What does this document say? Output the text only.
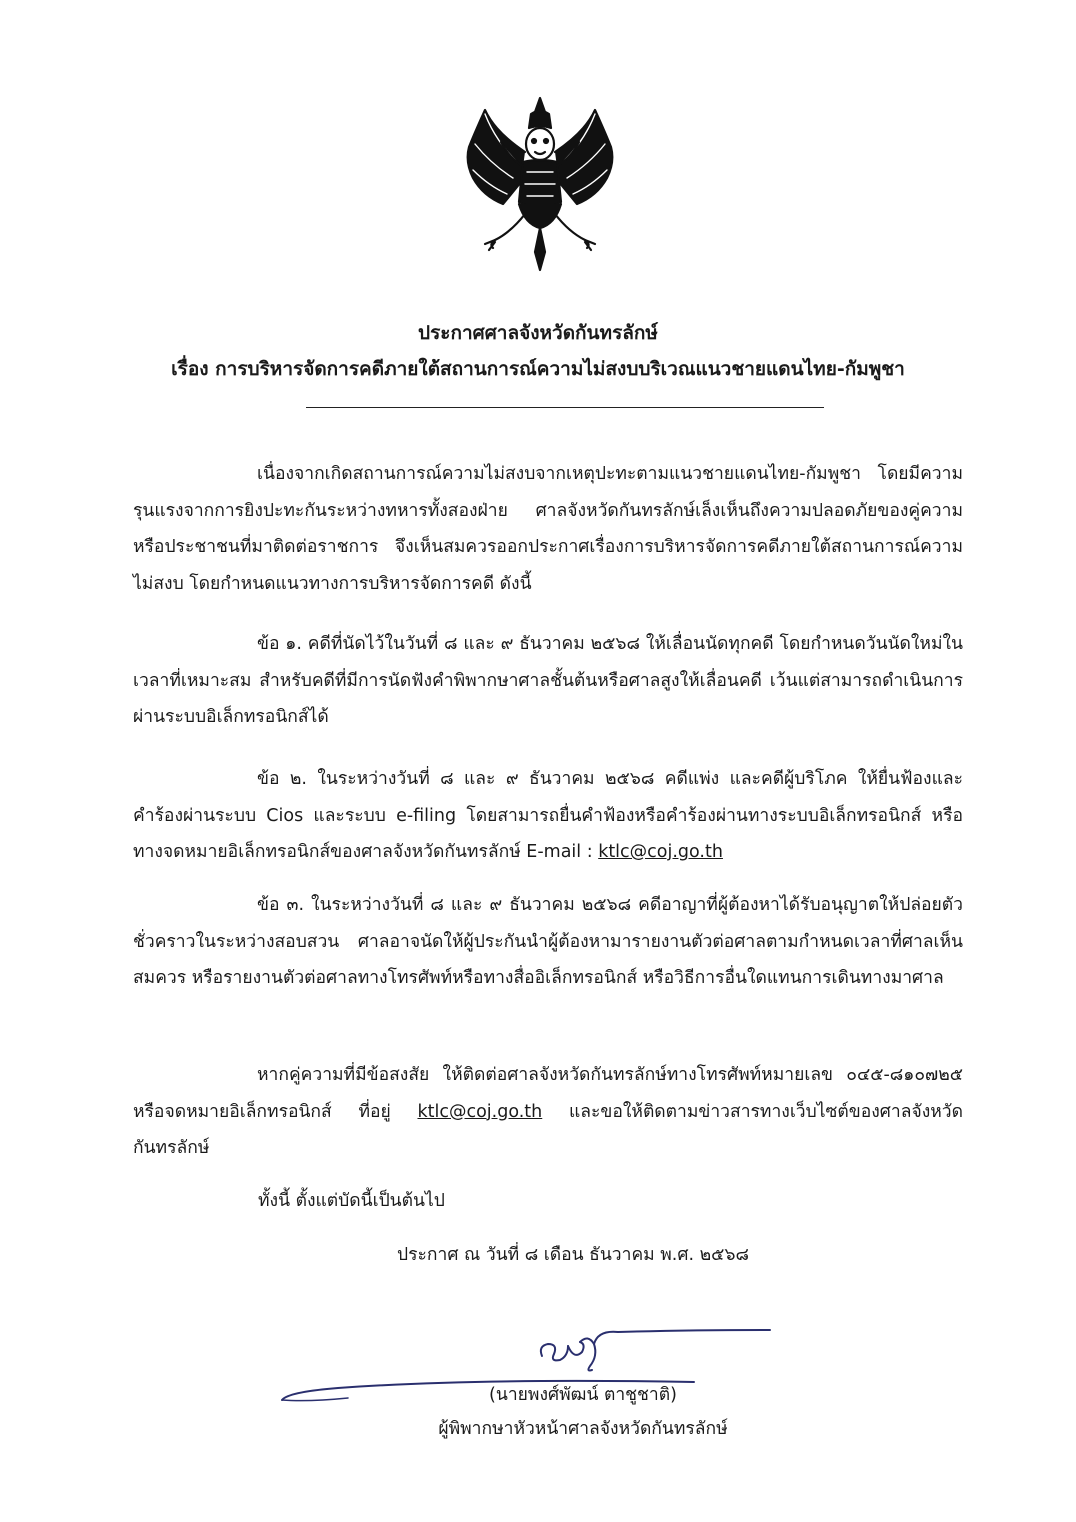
ประกาศศาลจังหวัดกันทรลักษ์
เรื่อง การบริหารจัดการคดีภายใต้สถานการณ์ความไม่สงบบริเวณแนวชายแดนไทย-กัมพูชา

เนื่องจากเกิดสถานการณ์ความไม่สงบจากเหตุปะทะตามแนวชายแดนไทย-กัมพูชา โดยมีความรุนแรงจากการยิงปะทะกันระหว่างทหารทั้งสองฝ่าย ศาลจังหวัดกันทรลักษ์เล็งเห็นถึงความปลอดภัยของคู่ความหรือประชาชนที่มาติดต่อราชการ จึงเห็นสมควรออกประกาศเรื่องการบริหารจัดการคดีภายใต้สถานการณ์ความไม่สงบ โดยกำหนดแนวทางการบริหารจัดการคดี ดังนี้

ข้อ ๑. คดีที่นัดไว้ในวันที่ ๘ และ ๙ ธันวาคม ๒๕๖๘ ให้เลื่อนนัดทุกคดี โดยกำหนดวันนัดใหม่ในเวลาที่เหมาะสม สำหรับคดีที่มีการนัดฟังคำพิพากษาศาลชั้นต้นหรือศาลสูงให้เลื่อนคดี เว้นแต่สามารถดำเนินการผ่านระบบอิเล็กทรอนิกส์ได้

ข้อ ๒. ในระหว่างวันที่ ๘ และ ๙ ธันวาคม ๒๕๖๘ คดีแพ่ง และคดีผู้บริโภค ให้ยื่นฟ้องและคำร้องผ่านระบบ Cios และระบบ e-filing โดยสามารถยื่นคำฟ้องหรือคำร้องผ่านทางระบบอิเล็กทรอนิกส์ หรือทางจดหมายอิเล็กทรอนิกส์ของศาลจังหวัดกันทรลักษ์ E-mail : ktlc@coj.go.th

ข้อ ๓. ในระหว่างวันที่ ๘ และ ๙ ธันวาคม ๒๕๖๘ คดีอาญาที่ผู้ต้องหาได้รับอนุญาตให้ปล่อยตัวชั่วคราวในระหว่างสอบสวน ศาลอาจนัดให้ผู้ประกันนำผู้ต้องหามารายงานตัวต่อศาลตามกำหนดเวลาที่ศาลเห็นสมควร หรือรายงานตัวต่อศาลทางโทรศัพท์หรือทางสื่ออิเล็กทรอนิกส์ หรือวิธีการอื่นใดแทนการเดินทางมาศาล

หากคู่ความที่มีข้อสงสัย ให้ติดต่อศาลจังหวัดกันทรลักษ์ทางโทรศัพท์หมายเลข ๐๔๕-๘๑๐๗๒๕ หรือจดหมายอิเล็กทรอนิกส์ ที่อยู่ ktlc@coj.go.th และขอให้ติดตามข่าวสารทางเว็บไซต์ของศาลจังหวัดกันทรลักษ์

ทั้งนี้ ตั้งแต่บัดนี้เป็นต้นไป
ประกาศ ณ วันที่ ๘ เดือน ธันวาคม พ.ศ. ๒๕๖๘
(นายพงศ์พัฒน์ ตาชูชาติ)
ผู้พิพากษาหัวหน้าศาลจังหวัดกันทรลักษ์
